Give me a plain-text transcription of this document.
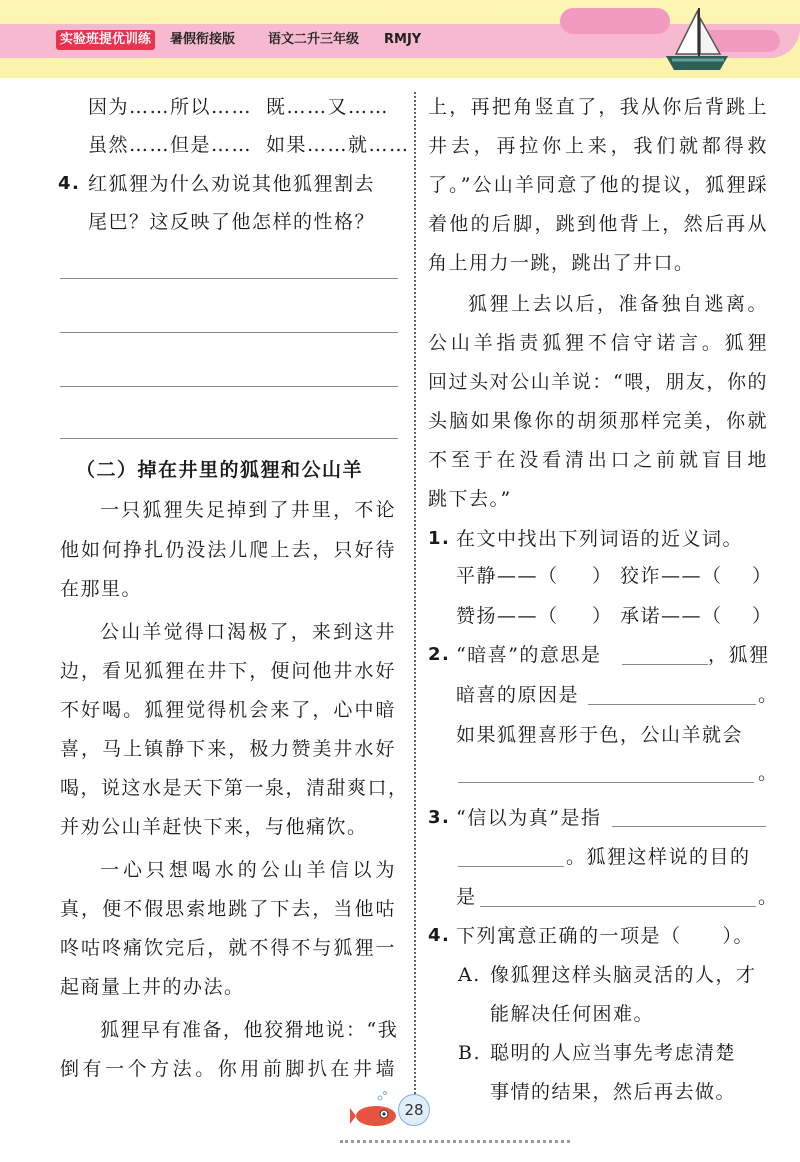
实验班提优训练	暑假衔接版	语文二升三年级 RMJY
因为……所以…… 既……又……
虽然……但是…… 如果……就……
4. 红狐狸为什么劝说其他狐狸割去
尾巴？这反映了他怎样的性格？
（二）掉在井里的狐狸和公山羊
一只狐狸失足掉到了井里，不论
他如何挣扎仍没法儿爬上去，只好待
在那里。
公山羊觉得口渴极了，来到这井
边，看见狐狸在井下，便问他井水好
不好喝。狐狸觉得机会来了，心中暗
喜，马上镇静下来，极力赞美井水好
喝，说这水是天下第一泉，清甜爽口，
并劝公山羊赶快下来，与他痛饮。
一心只想喝水的公山羊信以为
真，便不假思索地跳了下去，当他咕
咚咕咚痛饮完后，就不得不与狐狸一
起商量上井的办法。
狐狸早有准备，他狡猾地说：“我
倒有一个方法。你用前脚扒在井墙
上，再把角竖直了，我从你后背跳上
井去，再拉你上来，我们就都得救
了。”公山羊同意了他的提议，狐狸踩
着他的后脚，跳到他背上，然后再从
角上用力一跳，跳出了井口。
狐狸上去以后，准备独自逃离。
公山羊指责狐狸不信守诺言。狐狸
回过头对公山羊说：“喂，朋友，你的
头脑如果像你的胡须那样完美，你就
不至于在没看清出口之前就盲目地
跳下去。”
1. 在文中找出下列词语的近义词。
平静——（ ） 狡诈——（ ）
赞扬——（ ） 承诺——（ ）
2. “暗喜”的意思是	，狐狸
暗喜的原因是	。
如果狐狸喜形于色，公山羊就会
。
3. “信以为真”是指
。狐狸这样说的目的
是	。
4. 下列寓意正确的一项是（　　）。
A. 像狐狸这样头脑灵活的人，才
能解决任何困难。
B. 聪明的人应当事先考虑清楚
事情的结果，然后再去做。
28
